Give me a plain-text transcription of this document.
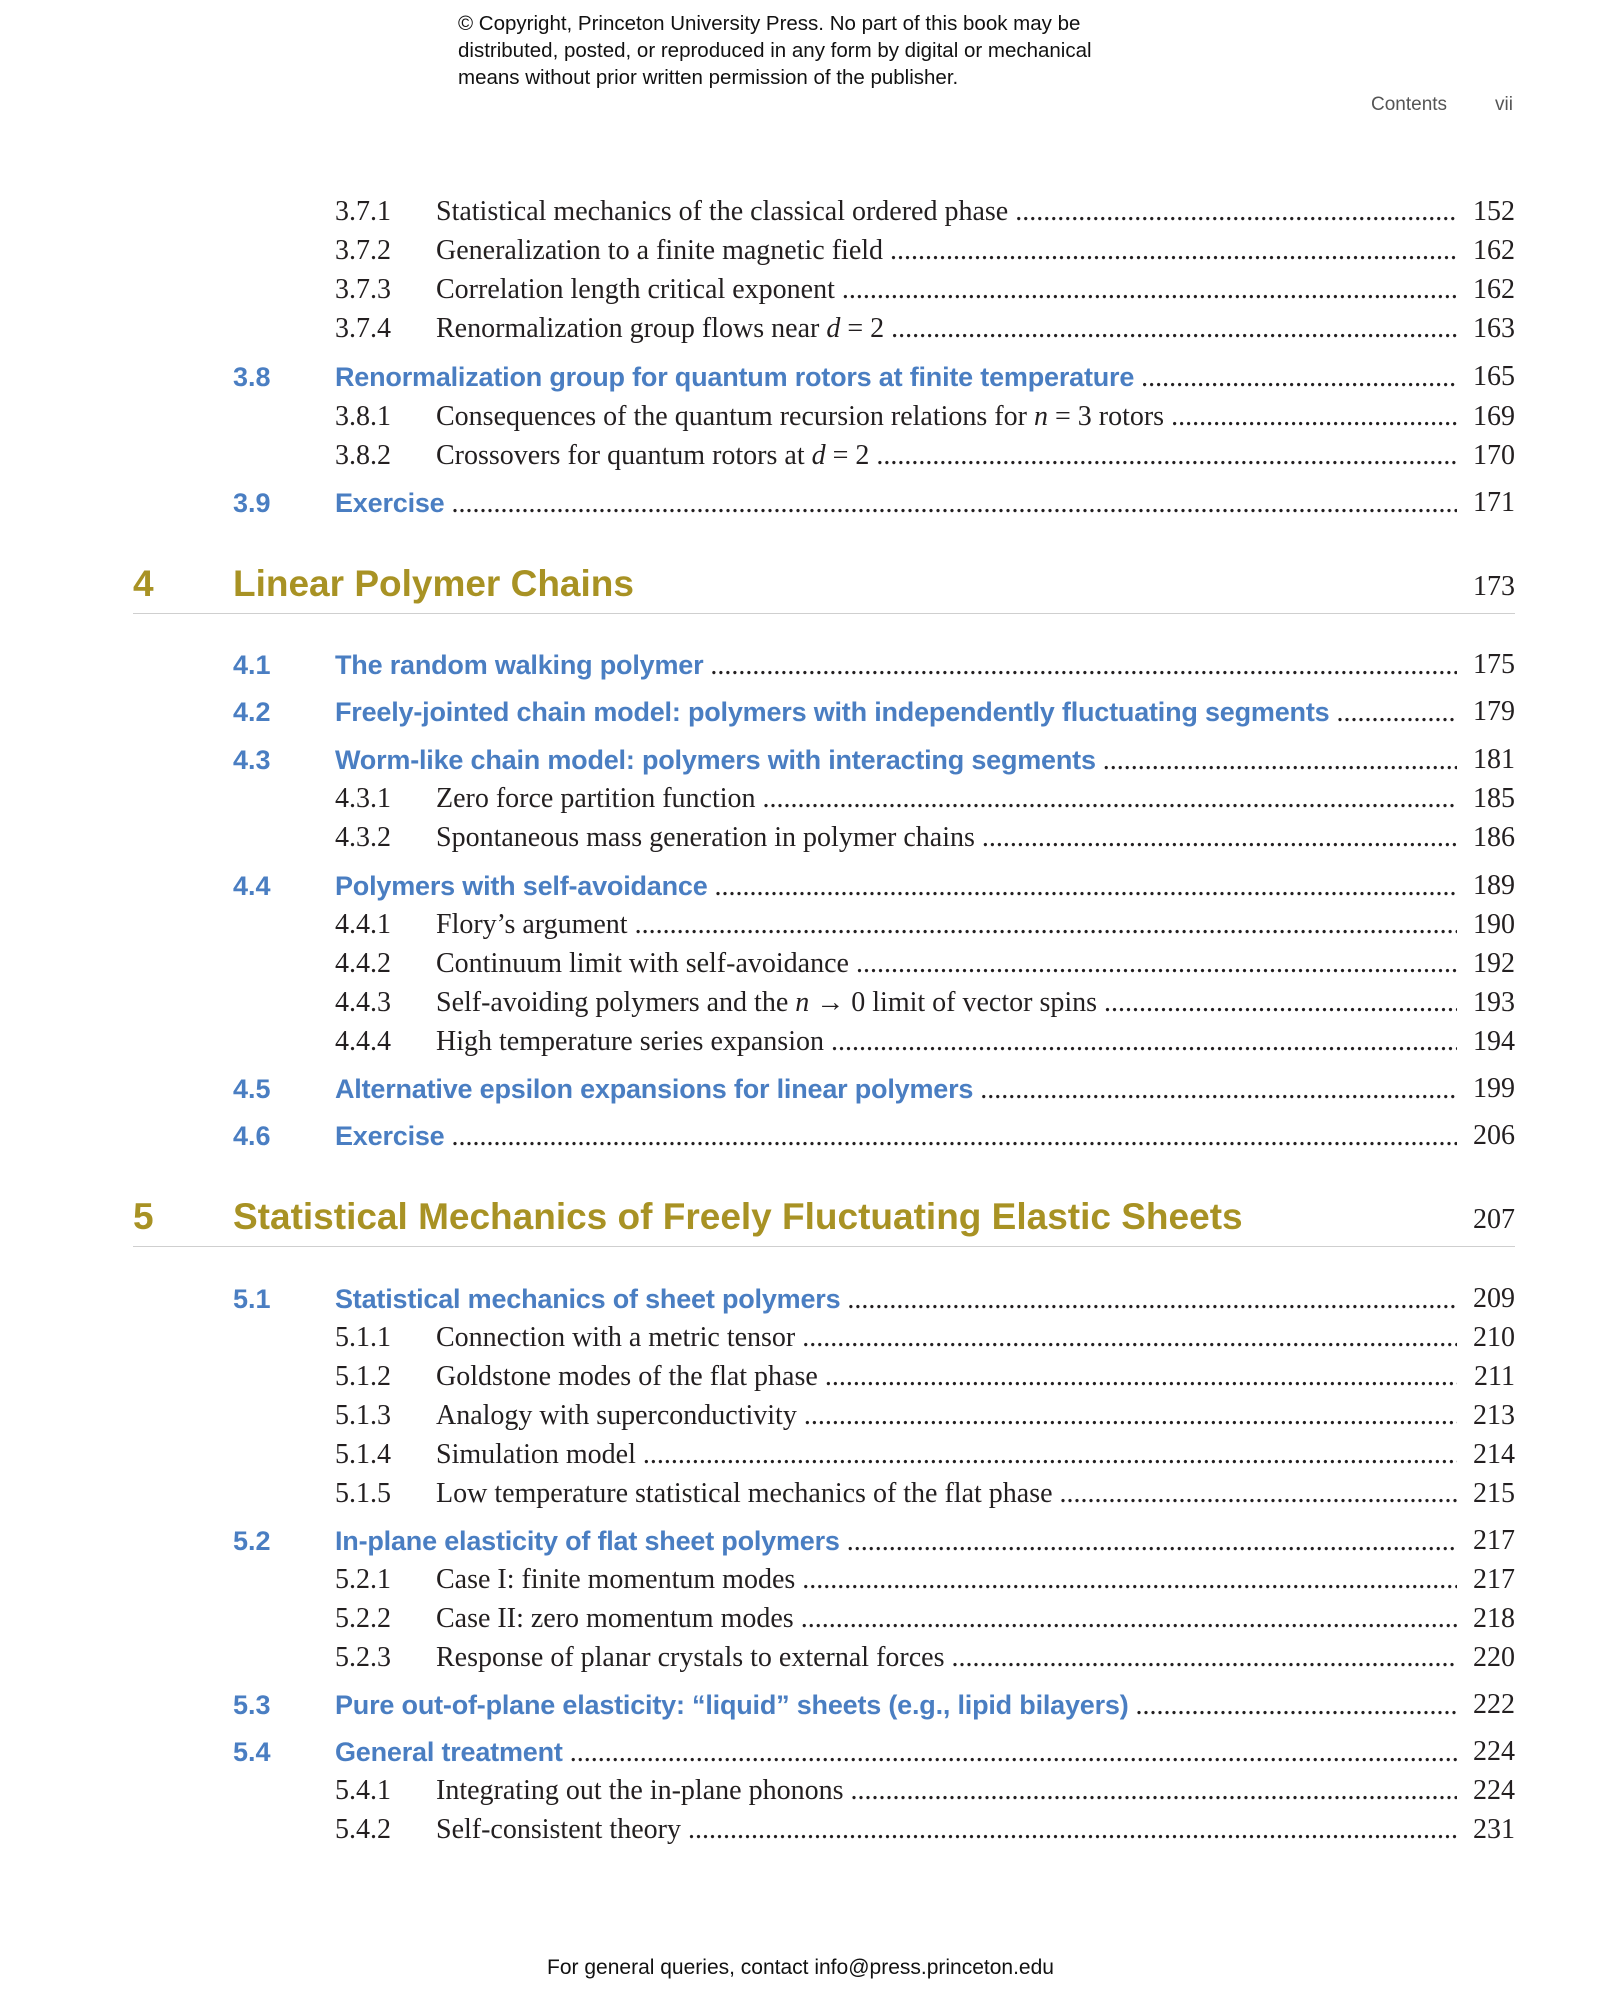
© Copyright, Princeton University Press. No part of this book may be
distributed, posted, or reproduced in any form by digital or mechanical
means without prior written permission of the publisher.
Contents	vii
3.7.1 Statistical mechanics of the classical ordered phase .....	152
3.7.2 Generalization to a finite magnetic field .....	162
3.7.3 Correlation length critical exponent .....	162
3.7.4 Renormalization group flows near d = 2 .....	163
3.8 Renormalization group for quantum rotors at finite temperature .....	165
3.8.1 Consequences of the quantum recursion relations for n = 3 rotors .....	169
3.8.2 Crossovers for quantum rotors at d = 2 .....	170
3.9 Exercise .....	171
4 Linear Polymer Chains	173
4.1 The random walking polymer .....	175
4.2 Freely-jointed chain model: polymers with independently fluctuating segments .....	179
4.3 Worm-like chain model: polymers with interacting segments .....	181
4.3.1 Zero force partition function .....	185
4.3.2 Spontaneous mass generation in polymer chains .....	186
4.4 Polymers with self-avoidance .....	189
4.4.1 Flory’s argument .....	190
4.4.2 Continuum limit with self-avoidance .....	192
4.4.3 Self-avoiding polymers and the n → 0 limit of vector spins .....	193
4.4.4 High temperature series expansion .....	194
4.5 Alternative epsilon expansions for linear polymers .....	199
4.6 Exercise .....	206
5 Statistical Mechanics of Freely Fluctuating Elastic Sheets	207
5.1 Statistical mechanics of sheet polymers .....	209
5.1.1 Connection with a metric tensor .....	210
5.1.2 Goldstone modes of the flat phase .....	211
5.1.3 Analogy with superconductivity .....	213
5.1.4 Simulation model .....	214
5.1.5 Low temperature statistical mechanics of the flat phase .....	215
5.2 In-plane elasticity of flat sheet polymers .....	217
5.2.1 Case I: finite momentum modes .....	217
5.2.2 Case II: zero momentum modes .....	218
5.2.3 Response of planar crystals to external forces .....	220
5.3 Pure out-of-plane elasticity: “liquid” sheets (e.g., lipid bilayers) .....	222
5.4 General treatment .....	224
5.4.1 Integrating out the in-plane phonons .....	224
5.4.2 Self-consistent theory .....	231
For general queries, contact info@press.princeton.edu
